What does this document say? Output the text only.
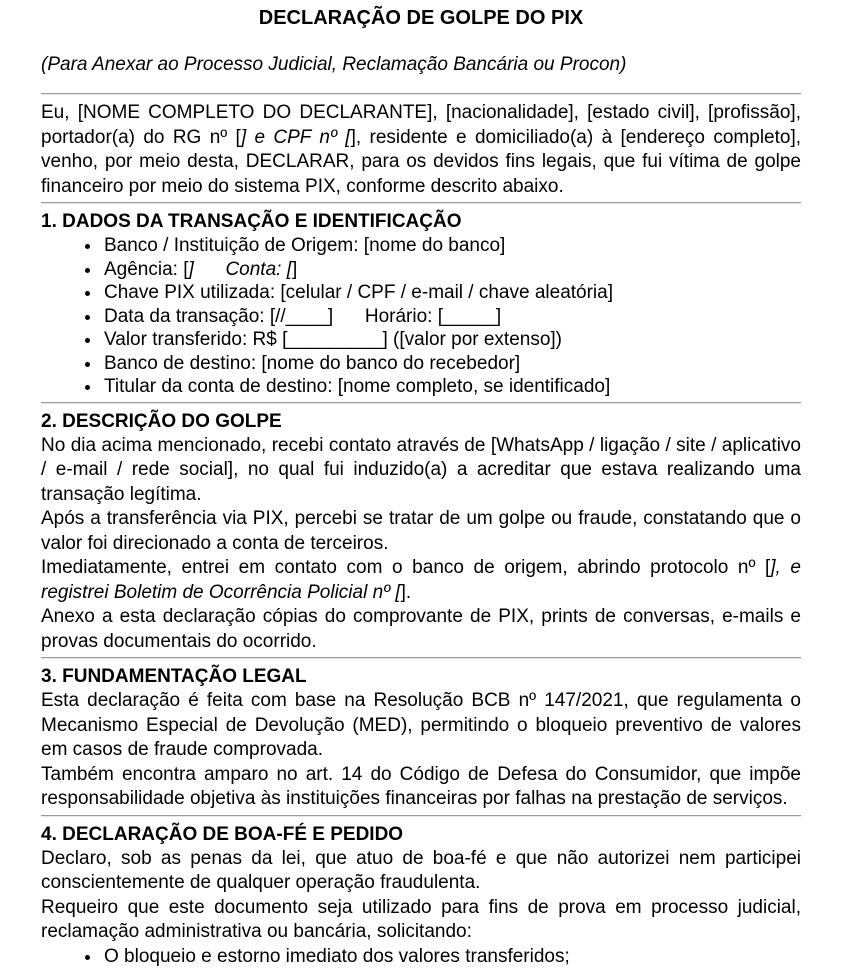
DECLARAÇÃO DE GOLPE DO PIX

(Para Anexar ao Processo Judicial, Reclamação Bancária ou Procon)

Eu, [NOME COMPLETO DO DECLARANTE], [nacionalidade], [estado civil], [profissão], portador(a) do RG nº [] e CPF nº [], residente e domiciliado(a) à [endereço completo], venho, por meio desta, DECLARAR, para os devidos fins legais, que fui vítima de golpe financeiro por meio do sistema PIX, conforme descrito abaixo.

1. DADOS DA TRANSAÇÃO E IDENTIFICAÇÃO
• Banco / Instituição de Origem: [nome do banco]
• Agência: []      Conta: []
• Chave PIX utilizada: [celular / CPF / e-mail / chave aleatória]
• Data da transação: [//____]      Horário: [_____]
• Valor transferido: R$ [_________] ([valor por extenso])
• Banco de destino: [nome do banco do recebedor]
• Titular da conta de destino: [nome completo, se identificado]
2. DESCRIÇÃO DO GOLPE

No dia acima mencionado, recebi contato através de [WhatsApp / ligação / site / aplicativo / e-mail / rede social], no qual fui induzido(a) a acreditar que estava realizando uma transação legítima.

Após a transferência via PIX, percebi se tratar de um golpe ou fraude, constatando que o valor foi direcionado a conta de terceiros.

Imediatamente, entrei em contato com o banco de origem, abrindo protocolo nº [], e registrei Boletim de Ocorrência Policial nº [].

Anexo a esta declaração cópias do comprovante de PIX, prints de conversas, e-mails e provas documentais do ocorrido.

3. FUNDAMENTAÇÃO LEGAL

Esta declaração é feita com base na Resolução BCB nº 147/2021, que regulamenta o Mecanismo Especial de Devolução (MED), permitindo o bloqueio preventivo de valores em casos de fraude comprovada.

Também encontra amparo no art. 14 do Código de Defesa do Consumidor, que impõe responsabilidade objetiva às instituições financeiras por falhas na prestação de serviços.

4. DECLARAÇÃO DE BOA-FÉ E PEDIDO

Declaro, sob as penas da lei, que atuo de boa-fé e que não autorizei nem participei conscientemente de qualquer operação fraudulenta.

Requeiro que este documento seja utilizado para fins de prova em processo judicial, reclamação administrativa ou bancária, solicitando:

• O bloqueio e estorno imediato dos valores transferidos;
